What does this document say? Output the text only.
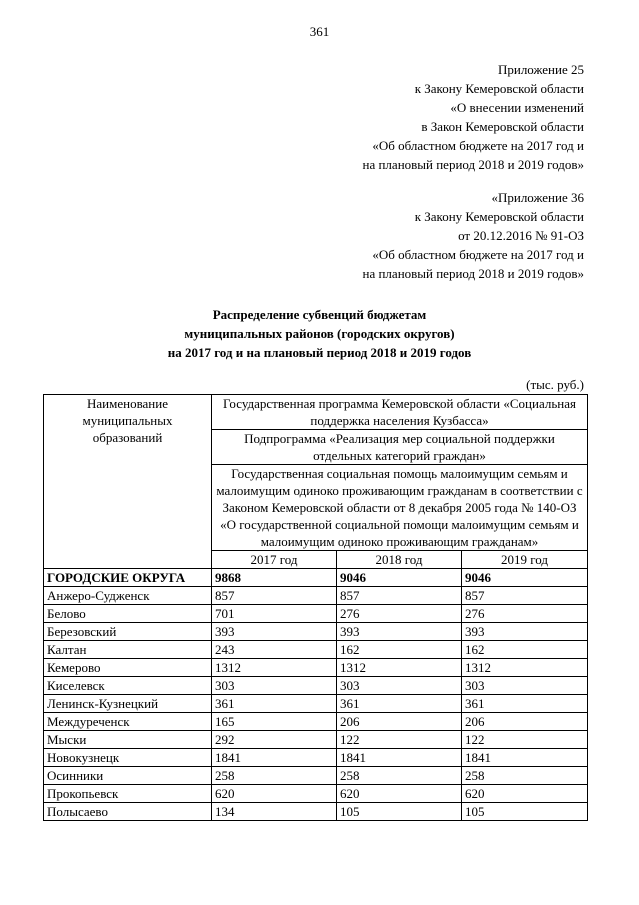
361
Приложение 25
к Закону Кемеровской области
«О внесении изменений
в Закон Кемеровской области
«Об областном бюджете на 2017 год и
на плановый период 2018 и 2019 годов»
«Приложение 36
к Закону Кемеровской области
от 20.12.2016 № 91-ОЗ
«Об областном бюджете на 2017 год и
на плановый период 2018 и 2019 годов»
Распределение субвенций бюджетам
муниципальных районов (городских округов)
на 2017 год и на плановый период 2018 и 2019 годов
(тыс. руб.)
Наименование муниципальных образований	Государственная программа Кемеровской области «Социальная поддержка населения Кузбасса»		
	Подпрограмма «Реализация мер социальной поддержки отдельных категорий граждан»		
	Государственная социальная помощь малоимущим семьям и малоимущим одиноко проживающим гражданам в соответствии с Законом Кемеровской области от 8 декабря 2005 года № 140-ОЗ «О государственной социальной помощи малоимущим семьям и малоимущим одиноко проживающим гражданам»		
	2017 год	2018 год	2019 год
ГОРОДСКИЕ ОКРУГА	9868	9046	9046
Анжеро-Судженск	857	857	857
Белово	701	276	276
Березовский	393	393	393
Калтан	243	162	162
Кемерово	1312	1312	1312
Киселевск	303	303	303
Ленинск-Кузнецкий	361	361	361
Междуреченск	165	206	206
Мыски	292	122	122
Новокузнецк	1841	1841	1841
Осинники	258	258	258
Прокопьевск	620	620	620
Полысаево	134	105	105
